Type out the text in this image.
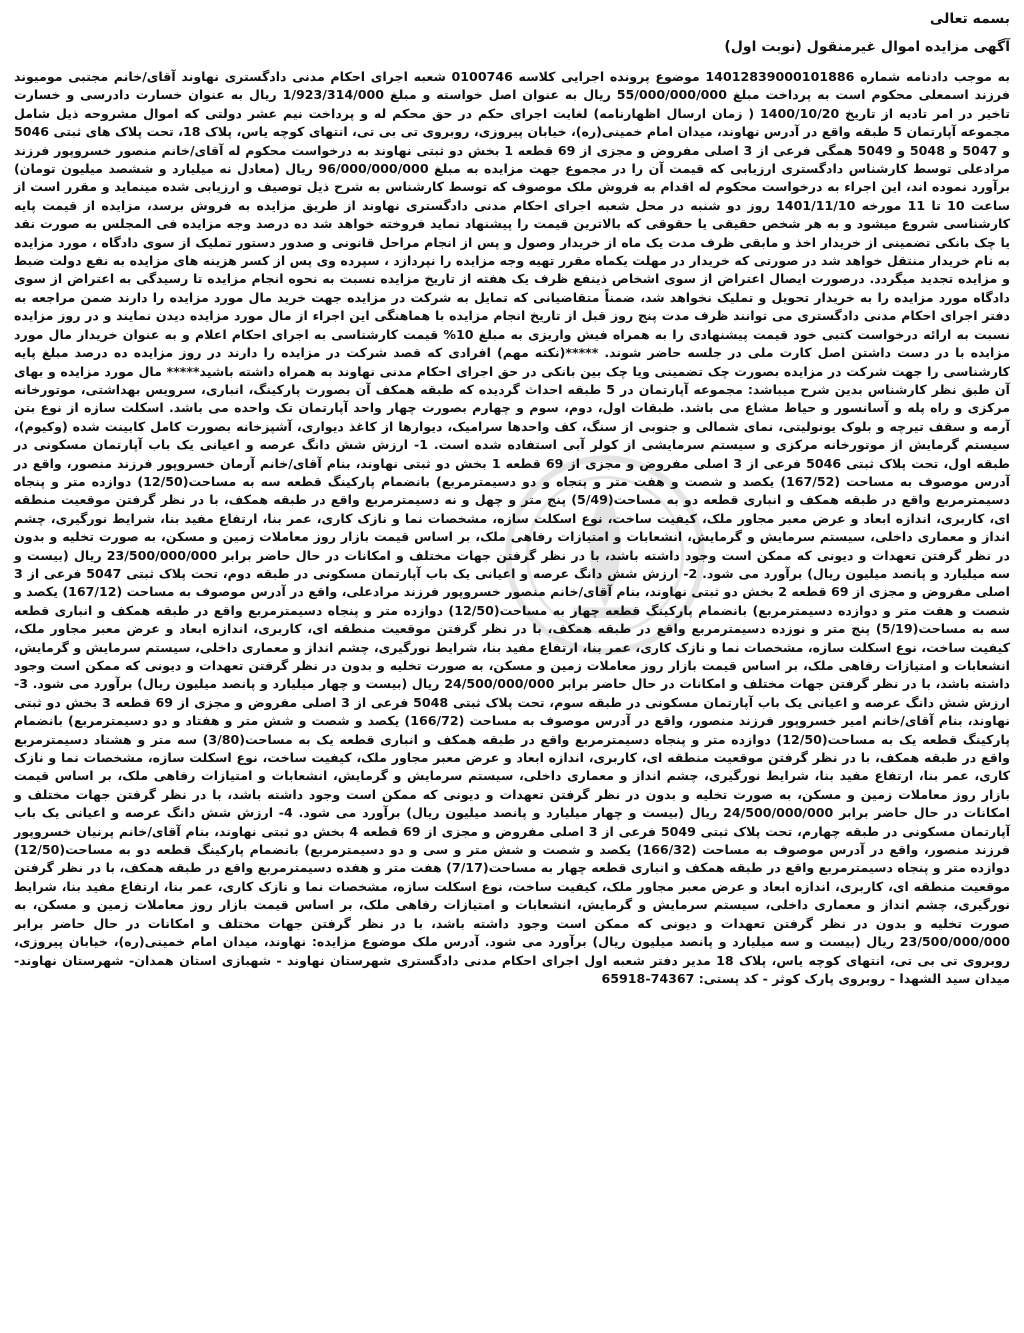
بسمه تعالی

آگهی مزایده اموال غیرمنقول (نوبت اول)

به موجب دادنامه شماره 14012839000101886 موضوع پرونده اجرایی کلاسه 0100746 شعبه اجرای احکام مدنی دادگستری نهاوند آقای/خانم مجتبی مومیوند فرزند اسمعلی محکوم است به پرداخت مبلغ 55/000/000/000 ریال به عنوان اصل خواسته و مبلغ 1/923/314/000 ریال به عنوان خسارت دادرسی و خسارت تاخیر در امر تادیه از تاریخ 1400/10/20 ( زمان ارسال اظهارنامه) لغایت اجرای حکم در حق محکم له و پرداخت نیم عشر دولتی که اموال مشروحه ذیل شامل مجموعه آپارتمان 5 طبقه واقع در آدرس نهاوند، میدان امام خمینی(ره)، خیابان پیروزی، روبروی تی بی تی، انتهای کوچه یاس، پلاک 18، تحت پلاک های ثبتی 5046 و 5047 و 5048 و 5049 همگی فرعی از 3 اصلی مفروض و مجزی از 69 قطعه 1 بخش دو ثبتی نهاوند به درخواست محکوم له آقای/خانم منصور خسروپور فرزند مرادعلی توسط کارشناس دادگستری ارزیابی که قیمت آن را در مجموع جهت مزایده به مبلغ 96/000/000/000 ریال (معادل نه میلیارد و ششصد میلیون تومان) برآورد نموده اند، این اجراء به درخواست محکوم له اقدام به فروش ملک موصوف که توسط کارشناس به شرح ذیل توصیف و ارزیابی شده مینماید و مقرر است از ساعت 10 تا 11 مورخه 1401/11/10 روز دو شنبه در محل شعبه اجرای احکام مدنی دادگستری نهاوند از طریق مزایده به فروش برسد، مزایده از قیمت پایه کارشناسی شروع میشود و به هر شخص حقیقی یا حقوقی که بالاترین قیمت را پیشنهاد نماید فروخته خواهد شد ده درصد وجه مزایده فی المجلس به صورت نقد یا چک بانکی تضمینی از خریدار اخذ و مابقی ظرف مدت یک ماه از خریدار وصول و پس از انجام مراحل قانونی و صدور دستور تملیک از سوی دادگاه ، مورد مزایده به نام خریدار منتقل خواهد شد در صورتی که خریدار در مهلت یکماه مقرر تهیه وجه مزایده را نپردازد ، سپرده وی پس از کسر هزینه های مزایده به نفع دولت ضبط و مزایده تجدید میگردد. درصورت ایصال اعتراض از سوی اشخاص ذینفع ظرف یک هفته از تاریخ مزایده نسبت به نحوه انجام مزایده تا رسیدگی به اعتراض از سوی دادگاه مورد مزایده را به خریدار تحویل و تملیک نخواهد شد، ضمناً متقاضیانی که تمایل به شرکت در مزایده جهت خرید مال مورد مزایده را دارند ضمن مراجعه به دفتر اجرای احکام مدنی دادگستری می توانند ظرف مدت پنج روز قبل از تاریخ انجام مزایده با هماهنگی این اجراء از مال مورد مزایده دیدن نمایند و در روز مزایده نسبت به ارائه درخواست کتبی خود قیمت پیشنهادی را به همراه فیش واریزی به مبلغ 10% قیمت کارشناسی به اجرای احکام اعلام و به عنوان خریدار مال مورد مزایده با در دست داشتن اصل کارت ملی در جلسه حاضر شوند. *****(نکته مهم) افرادی که قصد شرکت در مزایده را دارند در روز مزایده ده درصد مبلغ پایه کارشناسی را جهت شرکت در مزایده بصورت چک تضمینی ویا چک بین بانکی در حق اجرای احکام مدنی نهاوند به همراه داشته باشید***** مال مورد مزایده و بهای آن طبق نظر کارشناس بدین شرح میباشد: مجموعه آپارتمان در 5 طبقه احداث گردیده که طبقه همکف آن بصورت پارکینگ، انباری، سرویس بهداشتی، موتورخانه مرکزی و راه پله و آسانسور و حیاط مشاع می باشد. طبقات اول، دوم، سوم و چهارم بصورت چهار واحد آپارتمان تک واحده می باشد. اسکلت سازه از نوع بتن آرمه و سقف تیرچه و بلوک یونولیتی، نمای شمالی و جنوبی از سنگ، کف واحدها سرامیک، دیوارها از کاغذ دیواری، آشپزخانه بصورت کامل کابینت شده (وکیوم)، سیستم گرمایش از موتورخانه مرکزی و سیستم سرمایشی از کولر آبی استفاده شده است. 1- ارزش شش دانگ عرصه و اعیانی یک باب آپارتمان مسکونی در طبقه اول، تحت پلاک ثبتی 5046 فرعی از 3 اصلی مفروض و مجزی از 69 قطعه 1 بخش دو ثبتی نهاوند، بنام آقای/خانم آرمان خسروپور فرزند منصور، واقع در آدرس موصوف به مساحت (167/52) یکصد و شصت و هفت متر و پنجاه و دو دسیمترمربع) بانضمام پارکینگ قطعه سه به مساحت(12/50) دوازده متر و پنجاه دسیمترمربع واقع در طبقه همکف و انباری قطعه دو به مساحت(5/49) پنج متر و چهل و نه دسیمترمربع واقع در طبقه همکف، با در نظر گرفتن موقعیت منطقه ای، کاربری، اندازه ابعاد و عرض معبر مجاور ملک، کیفیت ساخت، نوع اسکلت سازه، مشخصات نما و نازک کاری، عمر بنا، ارتفاع مفید بنا، شرایط نورگیری، چشم انداز و معماری داخلی، سیستم سرمایش و گرمایش، انشعابات و امتیازات رفاهی ملک، بر اساس قیمت بازار روز معاملات زمین و مسکن، به صورت تخلیه و بدون در نظر گرفتن تعهدات و دیونی که ممکن است وجود داشته باشد، با در نظر گرفتن جهات مختلف و امکانات در حال حاضر برابر 23/500/000/000 ریال (بیست و سه میلیارد و پانصد میلیون ریال) برآورد می شود. 2- ارزش شش دانگ عرصه و اعیانی یک باب آپارتمان مسکونی در طبقه دوم، تحت پلاک ثبتی 5047 فرعی از 3 اصلی مفروض و مجزی از 69 قطعه 2 بخش دو ثبتی نهاوند، بنام آقای/خانم منصور خسروپور فرزند مرادعلی، واقع در آدرس موصوف به مساحت (167/12) یکصد و شصت و هفت متر و دوازده دسیمترمربع) بانضمام پارکینگ قطعه چهار به مساحت(12/50) دوازده متر و پنجاه دسیمترمربع واقع در طبقه همکف و انباری قطعه سه به مساحت(5/19) پنج متر و نوزده دسیمترمربع واقع در طبقه همکف، با در نظر گرفتن موقعیت منطقه ای، کاربری، اندازه ابعاد و عرض معبر مجاور ملک، کیفیت ساخت، نوع اسکلت سازه، مشخصات نما و نازک کاری، عمر بنا، ارتفاع مفید بنا، شرایط نورگیری، چشم انداز و معماری داخلی، سیستم سرمایش و گرمایش، انشعابات و امتیازات رفاهی ملک، بر اساس قیمت بازار روز معاملات زمین و مسکن، به صورت تخلیه و بدون در نظر گرفتن تعهدات و دیونی که ممکن است وجود داشته باشد، با در نظر گرفتن جهات مختلف و امکانات در حال حاضر برابر 24/500/000/000 ریال (بیست و چهار میلیارد و پانصد میلیون ریال) برآورد می شود. 3- ارزش شش دانگ عرصه و اعیانی یک باب آپارتمان مسکونی در طبقه سوم، تحت پلاک ثبتی 5048 فرعی از 3 اصلی مفروض و مجزی از 69 قطعه 3 بخش دو ثبتی نهاوند، بنام آقای/خانم امیر خسروپور فرزند منصور، واقع در آدرس موصوف به مساحت (166/72) یکصد و شصت و شش متر و هفتاد و دو دسیمترمربع) بانضمام پارکینگ قطعه یک به مساحت(12/50) دوازده متر و پنجاه دسیمترمربع واقع در طبقه همکف و انباری قطعه یک به مساحت(3/80) سه متر و هشتاد دسیمترمربع واقع در طبقه همکف، با در نظر گرفتن موقعیت منطقه ای، کاربری، اندازه ابعاد و عرض معبر مجاور ملک، کیفیت ساخت، نوع اسکلت سازه، مشخصات نما و نازک کاری، عمر بنا، ارتفاع مفید بنا، شرایط نورگیری، چشم انداز و معماری داخلی، سیستم سرمایش و گرمایش، انشعابات و امتیازات رفاهی ملک، بر اساس قیمت بازار روز معاملات زمین و مسکن، به صورت تخلیه و بدون در نظر گرفتن تعهدات و دیونی که ممکن است وجود داشته باشد، با در نظر گرفتن جهات مختلف و امکانات در حال حاضر برابر 24/500/000/000 ریال (بیست و چهار میلیارد و پانصد میلیون ریال) برآورد می شود. 4- ارزش شش دانگ عرصه و اعیانی یک باب آپارتمان مسکونی در طبقه چهارم، تحت پلاک ثبتی 5049 فرعی از 3 اصلی مفروض و مجزی از 69 قطعه 4 بخش دو ثبتی نهاوند، بنام آقای/خانم پرنیان خسروپور فرزند منصور، واقع در آدرس موصوف به مساحت (166/32) یکصد و شصت و شش متر و سی و دو دسیمترمربع) بانضمام پارکینگ قطعه دو به مساحت(12/50) دوازده متر و پنجاه دسیمترمربع واقع در طبقه همکف و انباری قطعه چهار به مساحت(7/17) هفت متر و هفده دسیمترمربع واقع در طبقه همکف، با در نظر گرفتن موقعیت منطقه ای، کاربری، اندازه ابعاد و عرض معبر مجاور ملک، کیفیت ساخت، نوع اسکلت سازه، مشخصات نما و نازک کاری، عمر بنا، ارتفاع مفید بنا، شرایط نورگیری، چشم انداز و معماری داخلی، سیستم سرمایش و گرمایش، انشعابات و امتیازات رفاهی ملک، بر اساس قیمت بازار روز معاملات زمین و مسکن، به صورت تخلیه و بدون در نظر گرفتن تعهدات و دیونی که ممکن است وجود داشته باشد، با در نظر گرفتن جهات مختلف و امکانات در حال حاضر برابر 23/500/000/000 ریال (بیست و سه میلیارد و پانصد میلیون ریال) برآورد می شود. آدرس ملک موضوع مزایده: نهاوند، میدان امام خمینی(ره)، خیابان پیروزی، روبروی تی بی تی، انتهای کوچه یاس، پلاک 18 مدیر دفتر شعبه اول اجرای احکام مدنی دادگستری شهرستان نهاوند - شهبازی استان همدان- شهرستان نهاوند- میدان سید الشهدا - روبروی پارک کوثر - کد پستی: 74367-65918
